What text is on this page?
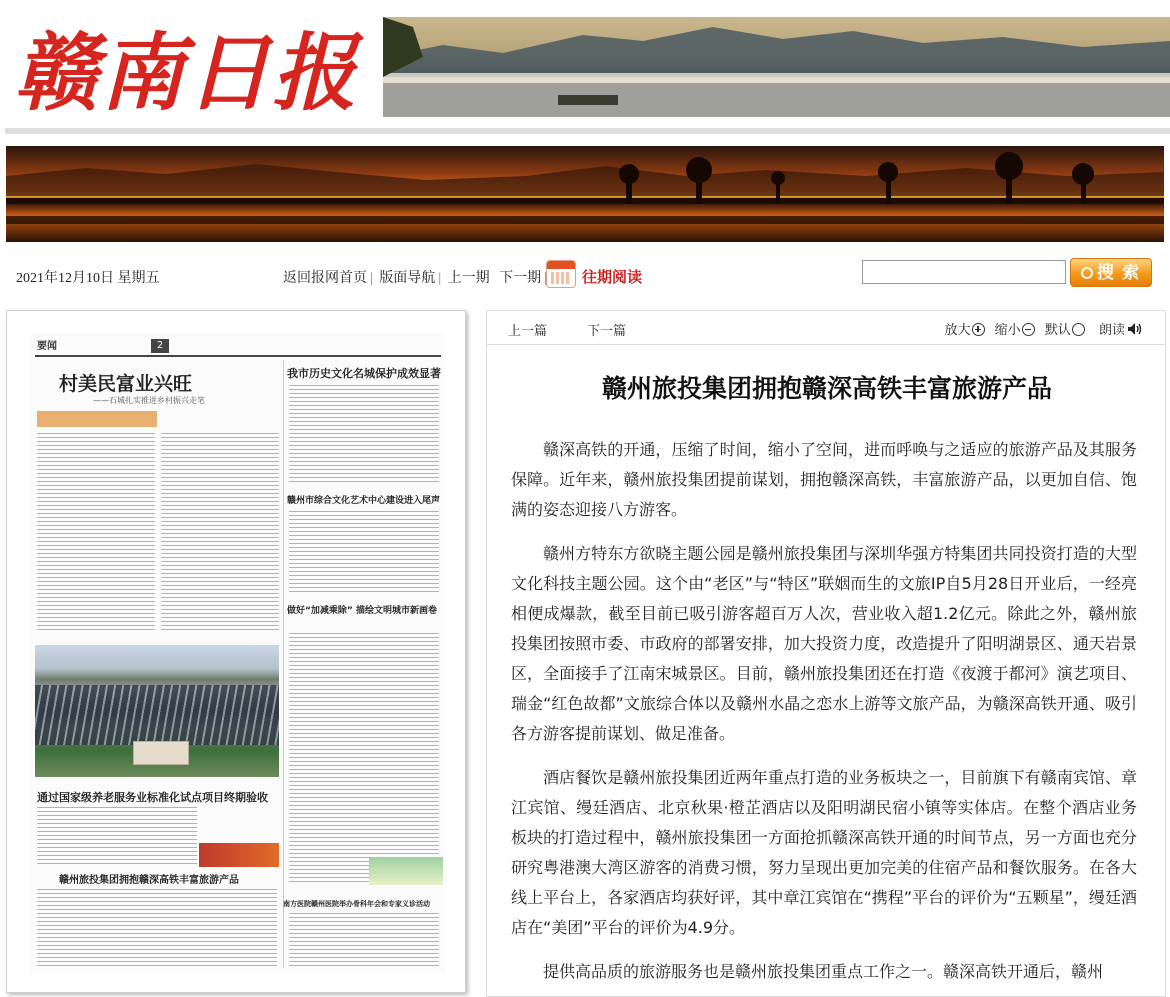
赣南日报
2021年12月10日 星期五	返回报网首页 | 版面导航 | 上一期 下一期	往期阅读	搜 索
要闻	2
村美民富业兴旺
——石城扎实推进乡村振兴走笔
我市历史文化名城保护成效显著
赣州市综合文化艺术中心建设进入尾声
做好“加减乘除” 描绘文明城市新画卷
通过国家级养老服务业标准化试点项目终期验收
赣州旅投集团拥抱赣深高铁丰富旅游产品
南方医院赣州医院举办骨科年会和专家义诊活动
上一篇	下一篇	放大 缩小 默认 朗读
赣州旅投集团拥抱赣深高铁丰富旅游产品

赣深高铁的开通，压缩了时间，缩小了空间，进而呼唤与之适应的旅游产品及其服务保障。近年来，赣州旅投集团提前谋划，拥抱赣深高铁，丰富旅游产品，以更加自信、饱满的姿态迎接八方游客。

赣州方特东方欲晓主题公园是赣州旅投集团与深圳华强方特集团共同投资打造的大型文化科技主题公园。这个由“老区”与“特区”联姻而生的文旅IP自5月28日开业后，一经亮相便成爆款，截至目前已吸引游客超百万人次，营业收入超1.2亿元。除此之外，赣州旅投集团按照市委、市政府的部署安排，加大投资力度，改造提升了阳明湖景区、通天岩景区，全面接手了江南宋城景区。目前，赣州旅投集团还在打造《夜渡于都河》演艺项目、瑞金“红色故都”文旅综合体以及赣州水晶之恋水上游等文旅产品，为赣深高铁开通、吸引各方游客提前谋划、做足准备。

酒店餐饮是赣州旅投集团近两年重点打造的业务板块之一，目前旗下有赣南宾馆、章江宾馆、缦廷酒店、北京秋果·橙芷酒店以及阳明湖民宿小镇等实体店。在整个酒店业务板块的打造过程中，赣州旅投集团一方面抢抓赣深高铁开通的时间节点，另一方面也充分研究粤港澳大湾区游客的消费习惯，努力呈现出更加完美的住宿产品和餐饮服务。在各大线上平台上，各家酒店均获好评，其中章江宾馆在“携程”平台的评价为“五颗星”，缦廷酒店在“美团”平台的评价为4.9分。

提供高品质的旅游服务也是赣州旅投集团重点工作之一。赣深高铁开通后，赣州
